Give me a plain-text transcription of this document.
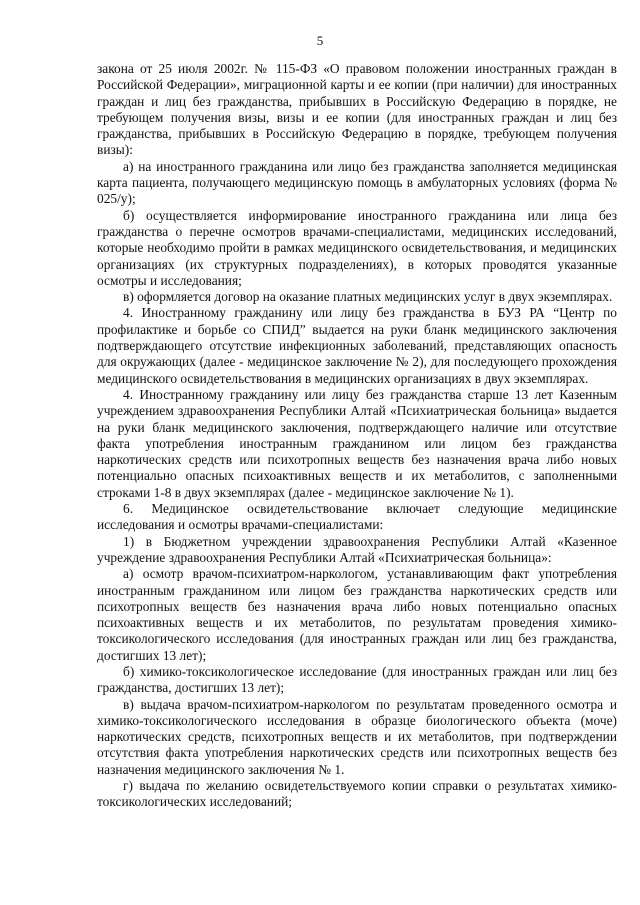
5

закона от 25 июля 2002г. № 115-ФЗ «О правовом положении иностранных граждан в Российской Федерации», миграционной карты и ее копии (при наличии) для иностранных граждан и лиц без гражданства, прибывших в Российскую Федерацию в порядке, не требующем получения визы, визы и ее копии (для иностранных граждан и лиц без гражданства, прибывших в Российскую Федерацию в порядке, требующем получения визы):

а) на иностранного гражданина или лицо без гражданства заполняется медицинская карта пациента, получающего медицинскую помощь в амбулаторных условиях (форма № 025/у);

б) осуществляется информирование иностранного гражданина или лица без гражданства о перечне осмотров врачами-специалистами, медицинских исследований, которые необходимо пройти в рамках медицинского освидетельствования, и медицинских организациях (их структурных подразделениях), в которых проводятся указанные осмотры и исследования;

в) оформляется договор на оказание платных медицинских услуг в двух экземплярах.

4. Иностранному гражданину или лицу без гражданства в БУЗ РА “Центр по профилактике и борьбе со СПИД” выдается на руки бланк медицинского заключения подтверждающего отсутствие инфекционных заболеваний, представляющих опасность для окружающих (далее - медицинское заключение № 2), для последующего прохождения медицинского освидетельствования в медицинских организациях в двух экземплярах.

4. Иностранному гражданину или лицу без гражданства старше 13 лет Казенным учреждением здравоохранения Республики Алтай «Психиатрическая больница» выдается на руки бланк медицинского заключения, подтверждающего наличие или отсутствие факта употребления иностранным гражданином или лицом без гражданства наркотических средств или психотропных веществ без назначения врача либо новых потенциально опасных психоактивных веществ и их метаболитов, с заполненными строками 1-8 в двух экземплярах (далее - медицинское заключение № 1).

6. Медицинское освидетельствование включает следующие медицинские исследования и осмотры врачами-специалистами:

1) в Бюджетном учреждении здравоохранения Республики Алтай «Казенное учреждение здравоохранения Республики Алтай «Психиатрическая больница»:

а) осмотр врачом-психиатром-наркологом, устанавливающим факт употребления иностранным гражданином или лицом без гражданства наркотических средств или психотропных веществ без назначения врача либо новых потенциально опасных психоактивных веществ и их метаболитов, по результатам проведения химико-токсикологического исследования (для иностранных граждан или лиц без гражданства, достигших 13 лет);

б) химико-токсикологическое исследование (для иностранных граждан или лиц без гражданства, достигших 13 лет);

в) выдача врачом-психиатром-наркологом по результатам проведенного осмотра и химико-токсикологического исследования в образце биологического объекта (моче) наркотических средств, психотропных веществ и их метаболитов, при подтверждении отсутствия факта употребления наркотических средств или психотропных веществ без назначения медицинского заключения № 1.

г) выдача по желанию освидетельствуемого копии справки о результатах химико-токсикологических исследований;
